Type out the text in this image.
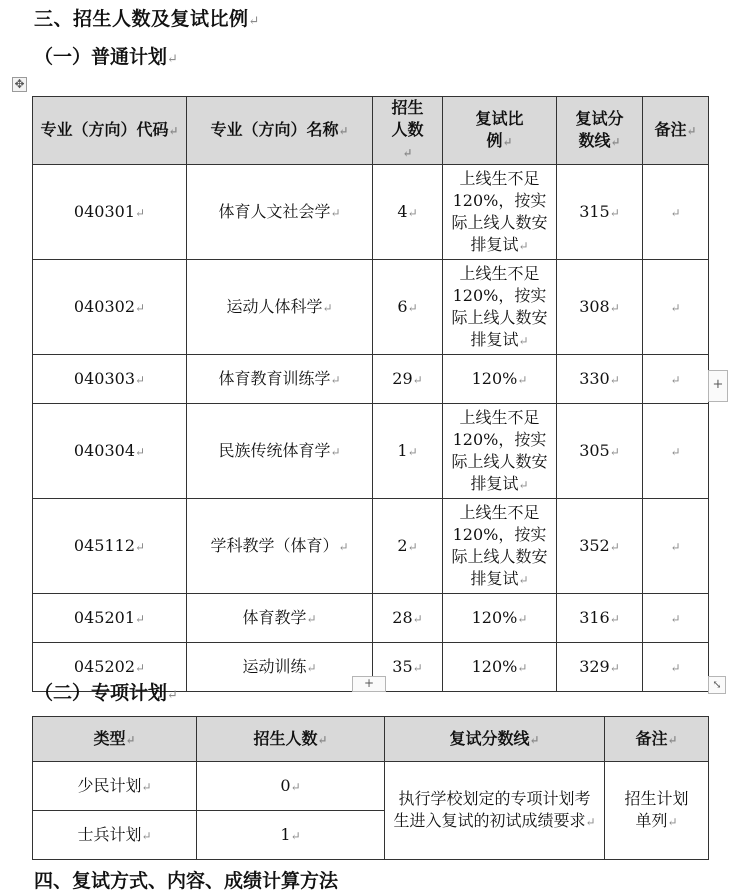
三、招生人数及复试比例↵
（一）普通计划↵
✥
专业（方向）代码↵	专业（方向）名称↵	招生人数↵	复试比例↵	复试分数线↵	备注↵
040301↵	体育人文社会学↵	4↵	上线生不足120%，按实际上线人数安排复试↵	315↵	↵
040302↵	运动人体科学↵	6↵	上线生不足120%，按实际上线人数安排复试↵	308↵	↵
040303↵	体育教育训练学↵	29↵	120%↵	330↵	↵
040304↵	民族传统体育学↵	1↵	上线生不足120%，按实际上线人数安排复试↵	305↵	↵
045112↵	学科教学（体育）↵	2↵	上线生不足120%，按实际上线人数安排复试↵	352↵	↵
045201↵	体育教学↵	28↵	120%↵	316↵	↵
045202↵	运动训练↵	35↵	120%↵	329↵	↵
+
+	⤡
（二）专项计划↵
类型↵	招生人数↵	复试分数线↵	备注↵
少民计划↵	0↵	执行学校划定的专项计划考生进入复试的初试成绩要求↵	招生计划单列↵
士兵计划↵	1↵		
四、复试方式、内容、成绩计算方法
